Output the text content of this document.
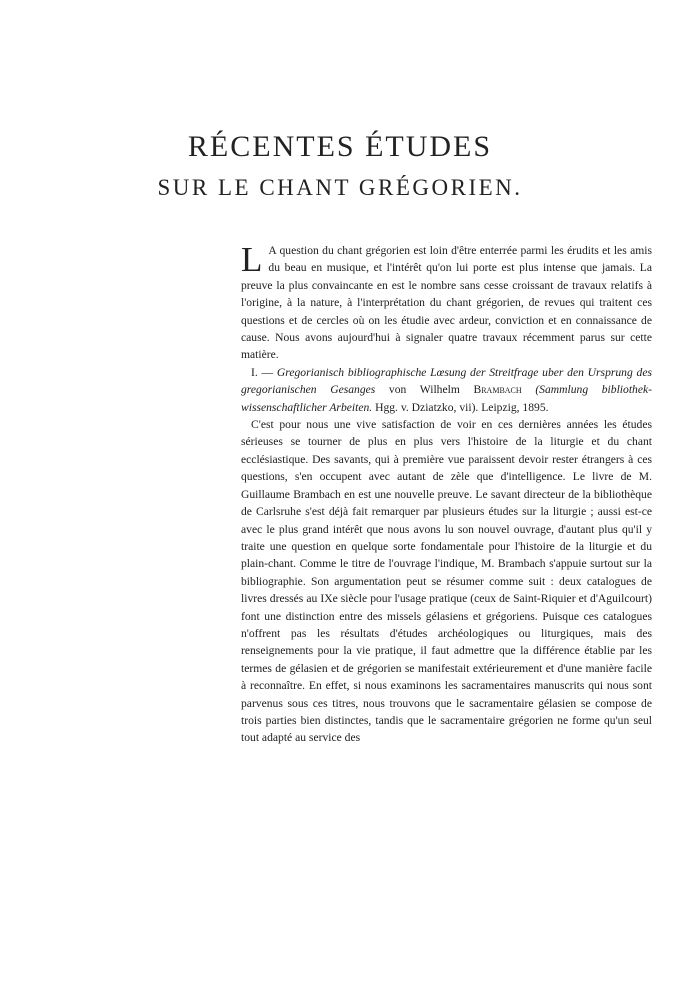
RÉCENTES ÉTUDES
SUR LE CHANT GRÉGORIEN.

L A question du chant grégorien est loin d'être enterrée parmi les érudits et les amis du beau en musique, et l'intérêt qu'on lui porte est plus intense que jamais. La preuve la plus convaincante en est le nombre sans cesse croissant de travaux relatifs à l'origine, à la nature, à l'interprétation du chant grégorien, de revues qui traitent ces questions et de cercles où on les étudie avec ardeur, conviction et en connaissance de cause. Nous avons aujourd'hui à signaler quatre travaux récemment parus sur cette matière.

I. — Gregorianisch bibliographische Lœsung der Streitfrage uber den Ursprung des gregorianischen Gesanges von Wilhelm Brambach (Sammlung bibliothek-wissenschaftlicher Arbeiten. Hgg. v. Dziatzko, vii). Leipzig, 1895.

C'est pour nous une vive satisfaction de voir en ces dernières années les études sérieuses se tourner de plus en plus vers l'histoire de la liturgie et du chant ecclésiastique. Des savants, qui à première vue paraissent devoir rester étrangers à ces questions, s'en occupent avec autant de zèle que d'intelligence. Le livre de M. Guillaume Brambach en est une nouvelle preuve. Le savant directeur de la bibliothèque de Carlsruhe s'est déjà fait remarquer par plusieurs études sur la liturgie ; aussi est-ce avec le plus grand intérêt que nous avons lu son nouvel ouvrage, d'autant plus qu'il y traite une question en quelque sorte fondamentale pour l'histoire de la liturgie et du plain-chant. Comme le titre de l'ouvrage l'indique, M. Brambach s'appuie surtout sur la bibliographie. Son argumentation peut se résumer comme suit : deux catalogues de livres dressés au IXe siècle pour l'usage pratique (ceux de Saint-Riquier et d'Aguilcourt) font une distinction entre des missels gélasiens et grégoriens. Puisque ces catalogues n'offrent pas les résultats d'études archéologiques ou liturgiques, mais des renseignements pour la vie pratique, il faut admettre que la différence établie par les termes de gélasien et de grégorien se manifestait extérieurement et d'une manière facile à reconnaître. En effet, si nous examinons les sacramentaires manuscrits qui nous sont parvenus sous ces titres, nous trouvons que le sacramentaire gélasien se compose de trois parties bien distinctes, tandis que le sacramentaire grégorien ne forme qu'un seul tout adapté au service des
